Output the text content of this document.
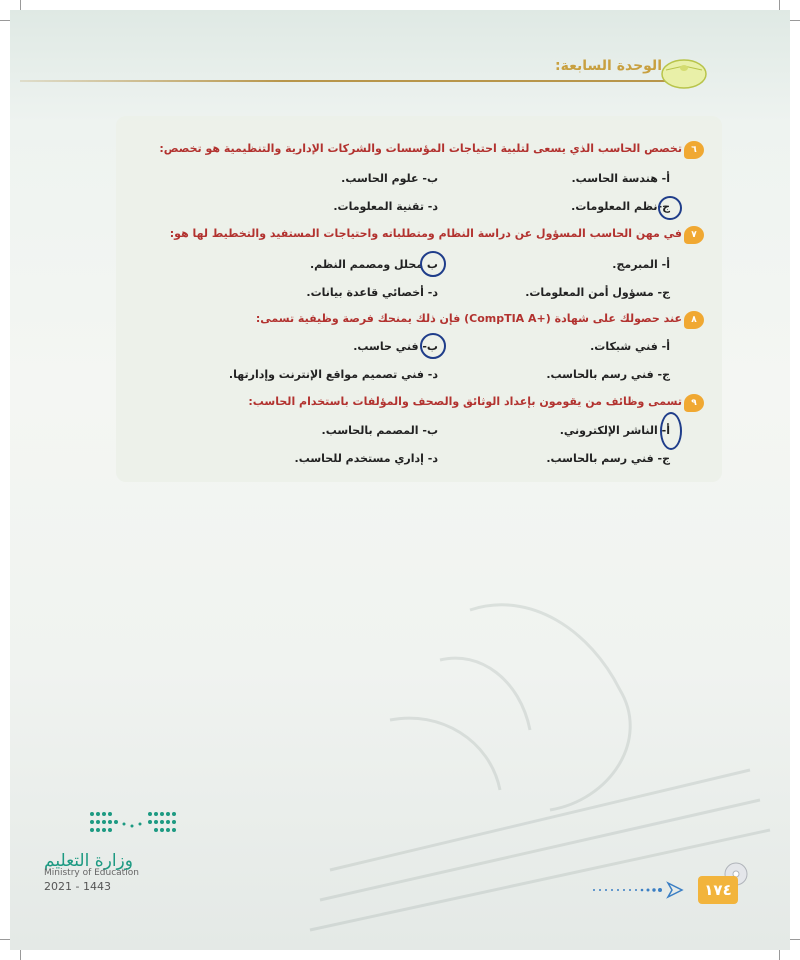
الوحدة السابعة:
٦
تخصص الحاسب الذي يسعى لتلبية احتياجات المؤسسات والشركات الإدارية والتنظيمية هو تخصص:
أ- هندسة الحاسب.
ب- علوم الحاسب.
ج-نظم المعلومات.
د- تقنية المعلومات.
٧
في مهن الحاسب المسؤول عن دراسة النظام ومتطلباته واحتياجات المستفيد والتخطيط لها هو:
أ- المبرمج.
ب محلل ومصمم النظم.
ج- مسؤول أمن المعلومات.
د- أخصائي قاعدة بيانات.
٨
عند حصولك على شهادة (+CompTIA A) فإن ذلك يمنحك فرصة وظيفية تسمى:
أ- فني شبكات.
ب- فني حاسب.
ج- فني رسم بالحاسب.
د- فني تصميم مواقع الإنترنت وإدارتها.
٩
تسمى وظائف من يقومون بإعداد الوثائق والصحف والمؤلفات باستخدام الحاسب:
أ- الناشر الإلكتروني.
ب- المصمم بالحاسب.
ج- فني رسم بالحاسب.
د- إداري مستخدم للحاسب.
وزارة التعليم
Ministry of Education
2021 - 1443	١٧٤
